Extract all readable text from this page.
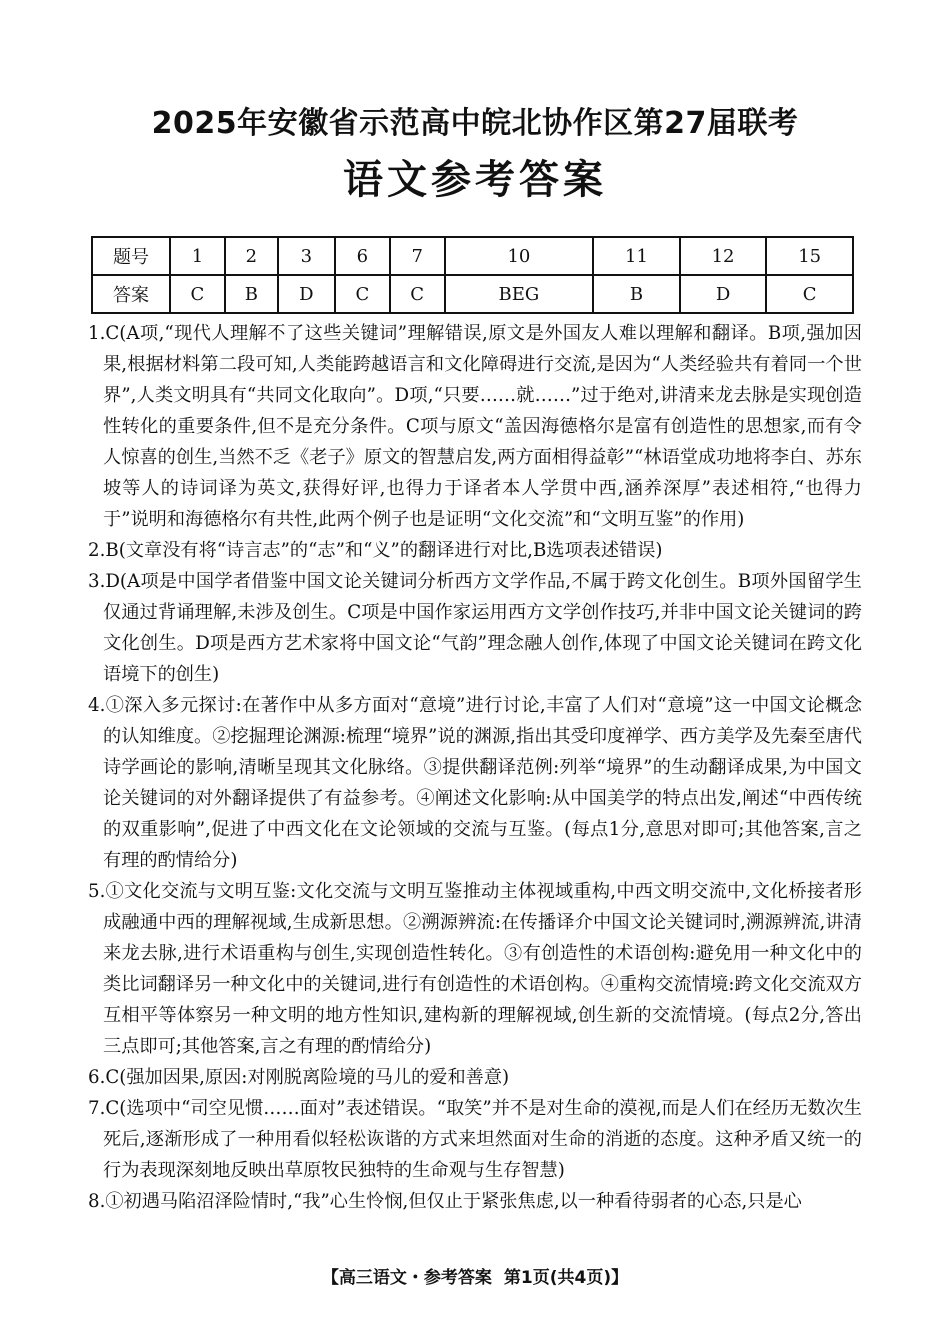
2025年安徽省示范高中皖北协作区第27届联考
语文参考答案
题号	1	2	3	6	7	10	11	12	15
答案	C	B	D	C	C	BEG	B	D	C

1.C(A项,“现代人理解不了这些关键词”理解错误,原文是外国友人难以理解和翻译。B项,强加因果,根据材料第二段可知,人类能跨越语言和文化障碍进行交流,是因为“人类经验共有着同一个世界”,人类文明具有“共同文化取向”。D项,“只要……就……”过于绝对,讲清来龙去脉是实现创造性转化的重要条件,但不是充分条件。C项与原文“盖因海德格尔是富有创造性的思想家,而有令人惊喜的创生,当然不乏《老子》原文的智慧启发,两方面相得益彰”“林语堂成功地将李白、苏东坡等人的诗词译为英文,获得好评,也得力于译者本人学贯中西,涵养深厚”表述相符,“也得力于”说明和海德格尔有共性,此两个例子也是证明“文化交流”和“文明互鉴”的作用)

2.B(文章没有将“诗言志”的“志”和“义”的翻译进行对比,B选项表述错误)

3.D(A项是中国学者借鉴中国文论关键词分析西方文学作品,不属于跨文化创生。B项外国留学生仅通过背诵理解,未涉及创生。C项是中国作家运用西方文学创作技巧,并非中国文论关键词的跨文化创生。D项是西方艺术家将中国文论“气韵”理念融人创作,体现了中国文论关键词在跨文化语境下的创生)

4.①深入多元探讨:在著作中从多方面对“意境”进行讨论,丰富了人们对“意境”这一中国文论概念的认知维度。②挖掘理论渊源:梳理“境界”说的渊源,指出其受印度禅学、西方美学及先秦至唐代诗学画论的影响,清晰呈现其文化脉络。③提供翻译范例:列举“境界”的生动翻译成果,为中国文论关键词的对外翻译提供了有益参考。④阐述文化影响:从中国美学的特点出发,阐述“中西传统的双重影响”,促进了中西文化在文论领域的交流与互鉴。(每点1分,意思对即可;其他答案,言之有理的酌情给分)

5.①文化交流与文明互鉴:文化交流与文明互鉴推动主体视域重构,中西文明交流中,文化桥接者形成融通中西的理解视域,生成新思想。②溯源辨流:在传播译介中国文论关键词时,溯源辨流,讲清来龙去脉,进行术语重构与创生,实现创造性转化。③有创造性的术语创构:避免用一种文化中的类比词翻译另一种文化中的关键词,进行有创造性的术语创构。④重构交流情境:跨文化交流双方互相平等体察另一种文明的地方性知识,建构新的理解视域,创生新的交流情境。(每点2分,答出三点即可;其他答案,言之有理的酌情给分)

6.C(强加因果,原因:对刚脱离险境的马儿的爱和善意)

7.C(选项中“司空见惯……面对”表述错误。“取笑”并不是对生命的漠视,而是人们在经历无数次生死后,逐渐形成了一种用看似轻松诙谐的方式来坦然面对生命的消逝的态度。这种矛盾又统一的行为表现深刻地反映出草原牧民独特的生命观与生存智慧)

8.①初遇马陷沼泽险情时,“我”心生怜悯,但仅止于紧张焦虑,以一种看待弱者的心态,只是心

【高三语文・参考答案 第1页(共4页)】
